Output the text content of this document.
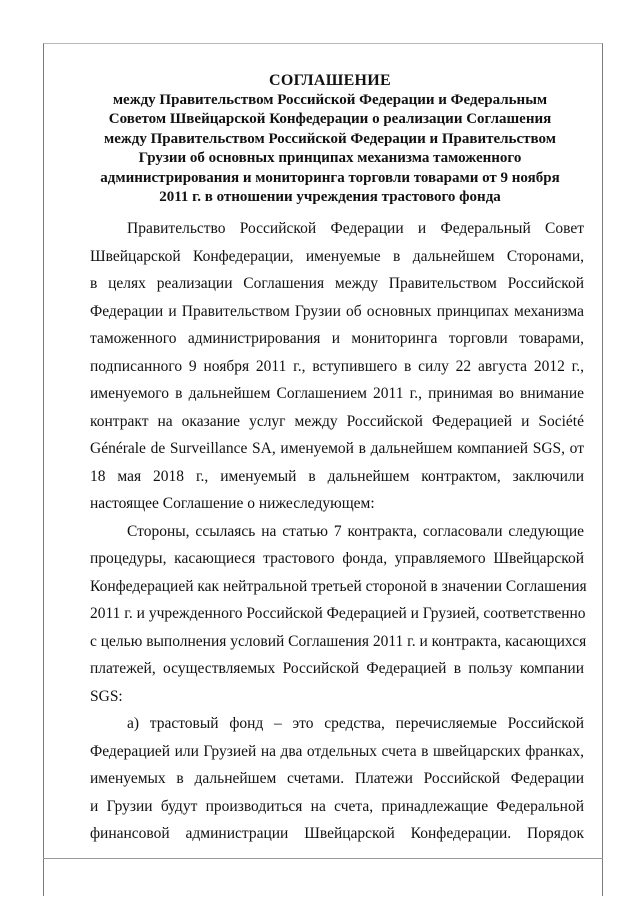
СОГЛАШЕНИЕ
между Правительством Российской Федерации и Федеральным
Советом Швейцарской Конфедерации о реализации Соглашения
между Правительством Российской Федерации и Правительством
Грузии об основных принципах механизма таможенного
администрирования и мониторинга торговли товарами от 9 ноября
2011 г. в отношении учреждения трастового фонда
Правительство Российской Федерации и Федеральный Совет
Швейцарской Конфедерации, именуемые в дальнейшем Сторонами,
в целях реализации Соглашения между Правительством Российской
Федерации и Правительством Грузии об основных принципах механизма
таможенного администрирования и мониторинга торговли товарами,
подписанного 9 ноября 2011 г., вступившего в силу 22 августа 2012 г.,
именуемого в дальнейшем Соглашением 2011 г., принимая во внимание
контракт на оказание услуг между Российской Федерацией и Société
Générale de Surveillance SA, именуемой в дальнейшем компанией SGS, от
18 мая 2018 г., именуемый в дальнейшем контрактом, заключили
настоящее Соглашение о нижеследующем:
Стороны, ссылаясь на статью 7 контракта, согласовали следующие
процедуры, касающиеся трастового фонда, управляемого Швейцарской
Конфедерацией как нейтральной третьей стороной в значении Соглашения
2011 г. и учрежденного Российской Федерацией и Грузией, соответственно
с целью выполнения условий Соглашения 2011 г. и контракта, касающихся
платежей, осуществляемых Российской Федерацией в пользу компании
SGS:
а) трастовый фонд – это средства, перечисляемые Российской
Федерацией или Грузией на два отдельных счета в швейцарских франках,
именуемых в дальнейшем счетами. Платежи Российской Федерации
и Грузии будут производиться на счета, принадлежащие Федеральной
финансовой администрации Швейцарской Конфедерации. Порядок
